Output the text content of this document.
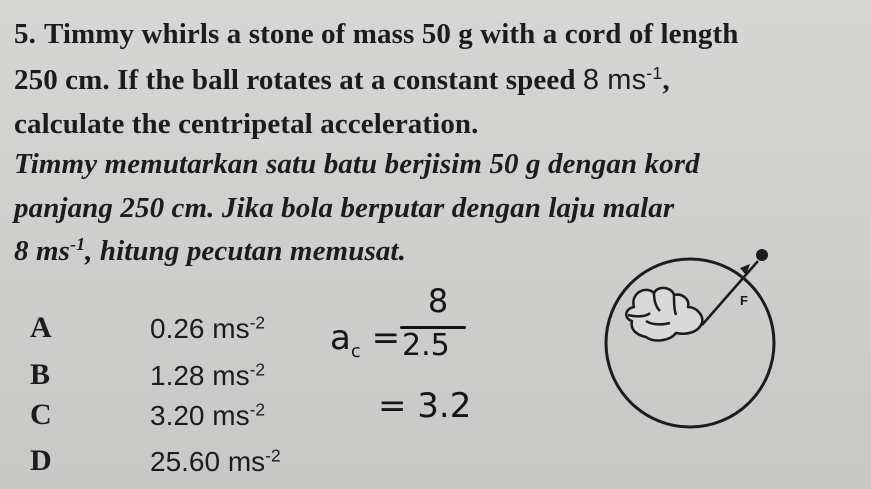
5. Timmy whirls a stone of mass 50 g with a cord of length
250 cm. If the ball rotates at a constant speed 8 $ms^{-1}$,
calculate the centripetal acceleration.
Timmy memutarkan satu batu berjisim 50 g dengan kord
panjang 250 cm. Jika bola berputar dengan laju malar
8 $ms^{-1}$, hitung pecutan memusat.
A	0.26 $ms^{-2}$
B	1.28 $ms^{-2}$
C	3.20 $ms^{-2}$
D	25.60 $ms^{-2}$
$a_c$ =
8
2.5
= 3.2
F
